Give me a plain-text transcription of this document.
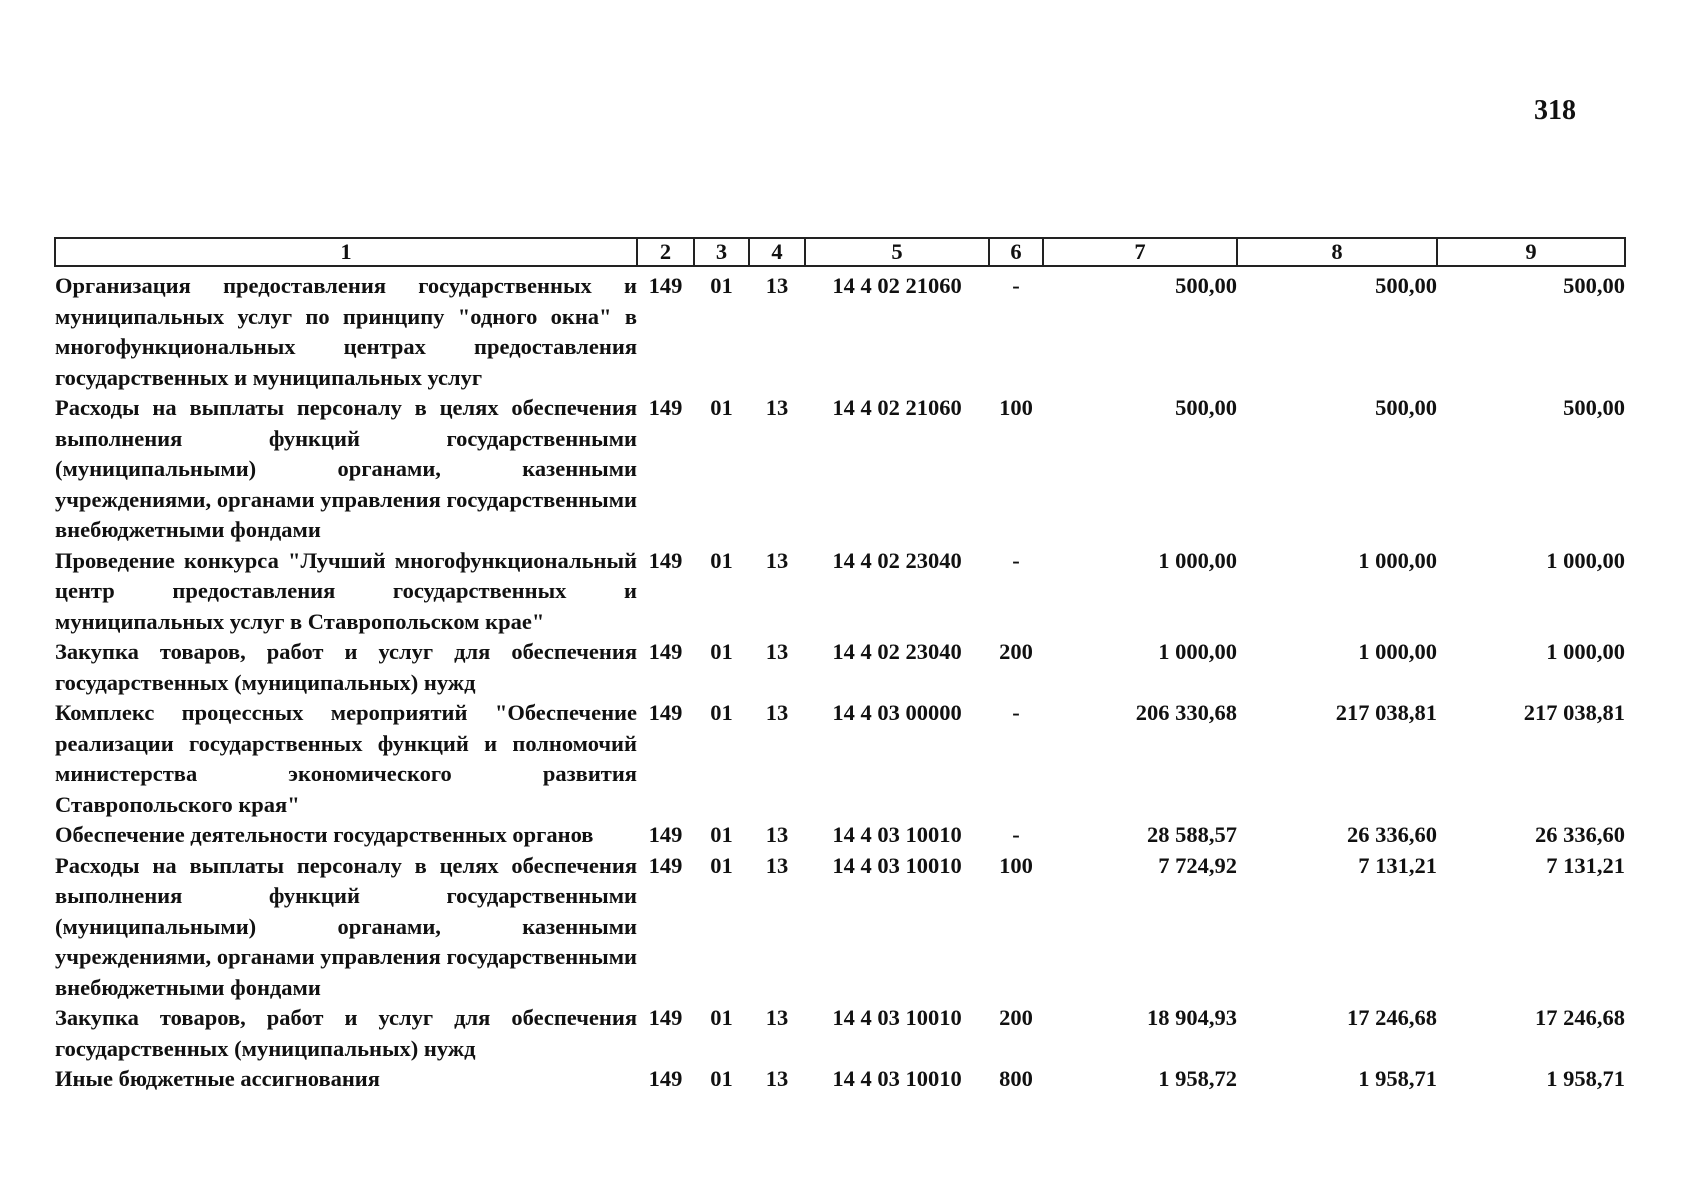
318
1	2	3	4	5	6	7	8	9
Организация предоставления государственных и муниципальных услуг по принципу "одного окна" в многофункциональных центрах предоставления государственных и муниципальных услуг	149	01	13	14 4 02 21060	-	500,00	500,00	500,00
Расходы на выплаты персоналу в целях обеспечения выполнения функций государственными (муниципальными) органами, казенными учреждениями, органами управления государственными внебюджетными фондами	149	01	13	14 4 02 21060	100	500,00	500,00	500,00
Проведение конкурса "Лучший многофункциональный центр предоставления государственных и муниципальных услуг в Ставропольском крае"	149	01	13	14 4 02 23040	-	1 000,00	1 000,00	1 000,00
Закупка товаров, работ и услуг для обеспечения государственных (муниципальных) нужд	149	01	13	14 4 02 23040	200	1 000,00	1 000,00	1 000,00
Комплекс процессных мероприятий "Обеспечение реализации государственных функций и полномочий министерства экономического развития Ставропольского края"	149	01	13	14 4 03 00000	-	206 330,68	217 038,81	217 038,81
Обеспечение деятельности государственных органов	149	01	13	14 4 03 10010	-	28 588,57	26 336,60	26 336,60
Расходы на выплаты персоналу в целях обеспечения выполнения функций государственными (муниципальными) органами, казенными учреждениями, органами управления государственными внебюджетными фондами	149	01	13	14 4 03 10010	100	7 724,92	7 131,21	7 131,21
Закупка товаров, работ и услуг для обеспечения государственных (муниципальных) нужд	149	01	13	14 4 03 10010	200	18 904,93	17 246,68	17 246,68
Иные бюджетные ассигнования	149	01	13	14 4 03 10010	800	1 958,72	1 958,71	1 958,71
